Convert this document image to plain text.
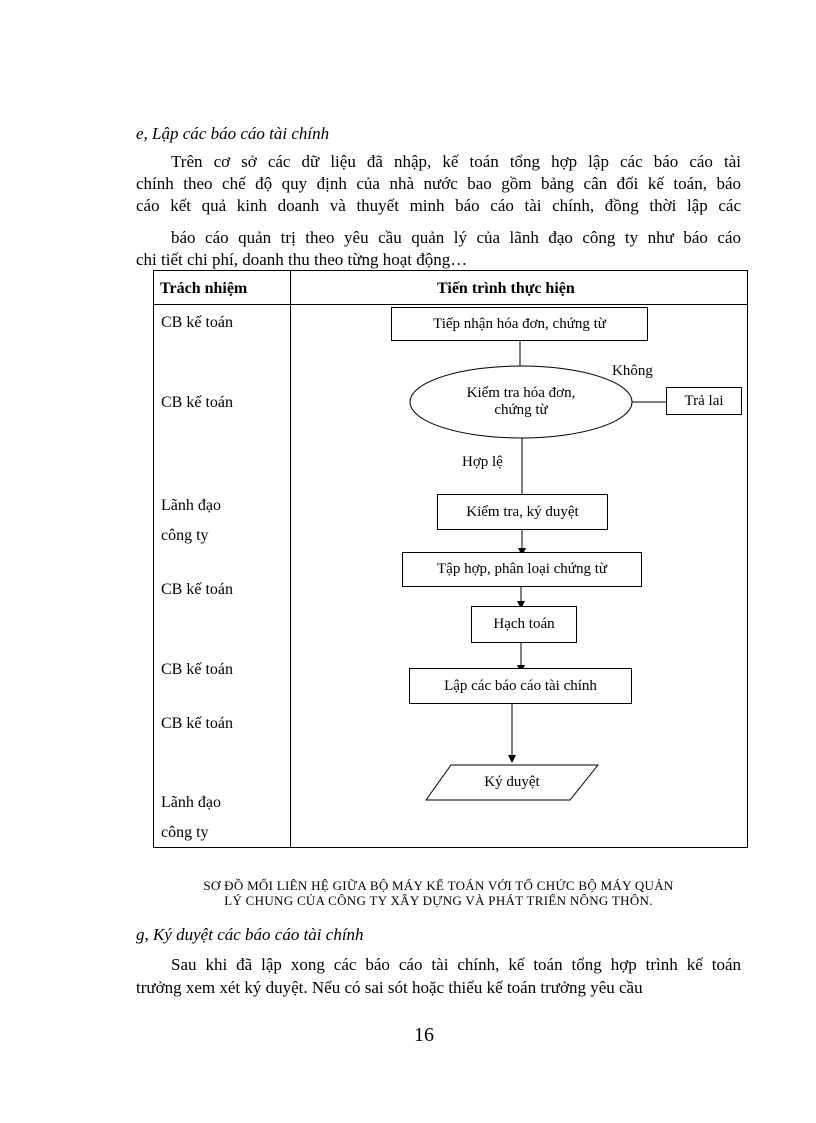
e, Lập các báo cáo tài chính
Trên cơ sở các dữ liệu đã nhập, kế toán tổng hợp lập các báo cáo tài
chính theo chế độ quy định của nhà nước bao gồm bảng cân đối kế toán, báo
cáo kết quả kinh doanh và thuyết minh báo cáo tài chính, đồng thời lập các
báo cáo quản trị theo yêu cầu quản lý của lãnh đạo công ty như báo cáo
chi tiết chi phí, doanh thu theo từng hoạt động…
Trách nhiệm	Tiến trình thực hiện
CB kế toán
CB kế toán
Lãnh đạo
công ty
CB kế toán
CB kế toán
CB kế toán
Lãnh đạo
công ty
Tiếp nhận hóa đơn, chứng từ
Kiểm tra hóa đơn,
chứng từ
Không
Trả lai
Hợp lệ
Kiểm tra, ký duyệt
Tập hợp, phân loại chứng từ
Hạch toán
Lập các báo cáo tài chính
Ký duyệt
SƠ ĐỒ MỐI LIÊN HỆ GIỮA BỘ MÁY KẾ TOÁN VỚI TỔ CHỨC BỘ MÁY QUẢN
LÝ CHUNG CỦA CÔNG TY XÂY DỰNG VÀ PHÁT TRIỂN NÔNG THÔN.
g, Ký duyệt các báo cáo tài chính
Sau khi đã lập xong các báo cáo tài chính, kế toán tổng hợp trình kế toán
trưởng xem xét ký duyệt. Nếu có sai sót hoặc thiếu kế toán trưởng yêu cầu
16
